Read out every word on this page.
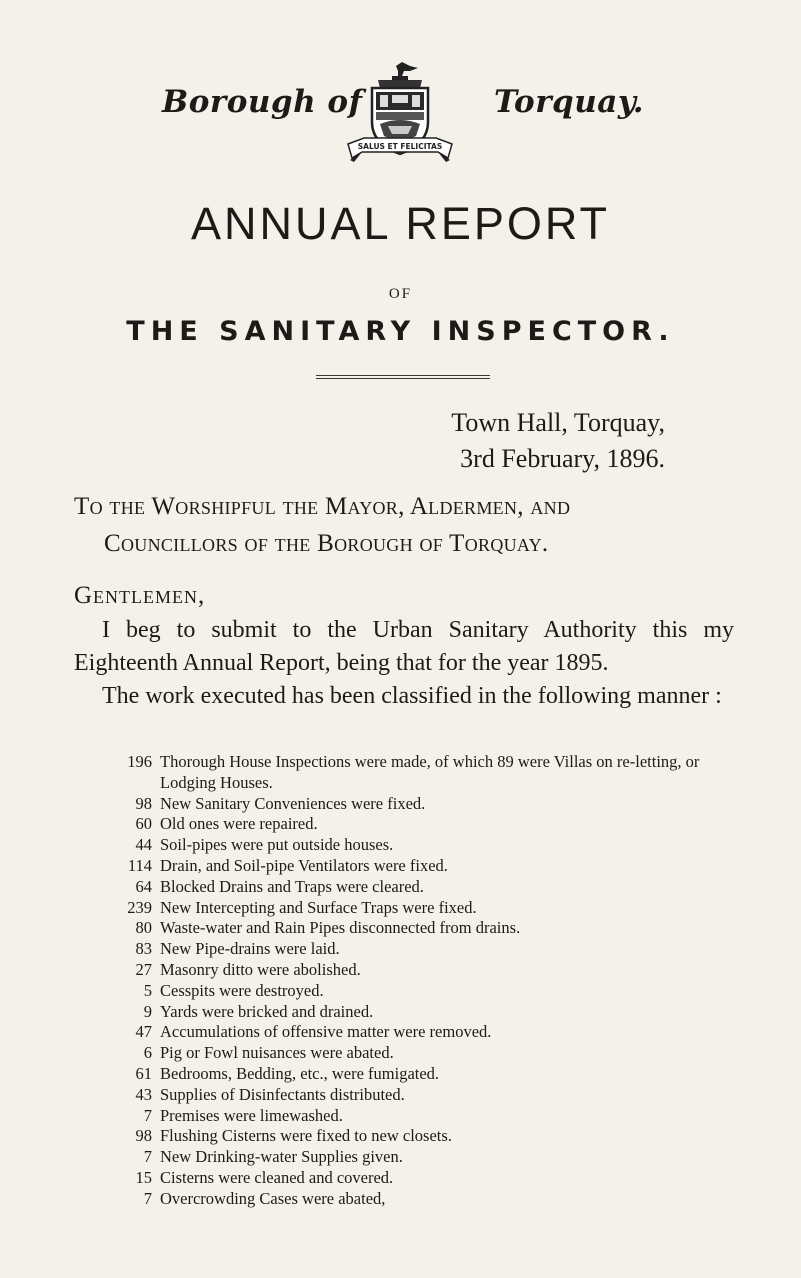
Borough of
SALUS ET FELICITAS
Torquay.
ANNUAL REPORT
OF
THE SANITARY INSPECTOR.
Town Hall, Torquay,
3rd February, 1896.
To the Worshipful the Mayor, Aldermen, and
Councillors of the Borough of Torquay.
Gentlemen,
I beg to submit to the Urban Sanitary Authority this my Eighteenth Annual Report, being that for the year 1895.
The work executed has been classified in the following manner :
196 Thorough House Inspections were made, of which 89 were Villas on re-letting, or Lodging Houses.
98 New Sanitary Conveniences were fixed.
60 Old ones were repaired.
44 Soil-pipes were put outside houses.
114 Drain, and Soil-pipe Ventilators were fixed.
64 Blocked Drains and Traps were cleared.
239 New Intercepting and Surface Traps were fixed.
80 Waste-water and Rain Pipes disconnected from drains.
83 New Pipe-drains were laid.
27 Masonry ditto were abolished.
5 Cesspits were destroyed.
9 Yards were bricked and drained.
47 Accumulations of offensive matter were removed.
6 Pig or Fowl nuisances were abated.
61 Bedrooms, Bedding, etc., were fumigated.
43 Supplies of Disinfectants distributed.
7 Premises were limewashed.
98 Flushing Cisterns were fixed to new closets.
7 New Drinking-water Supplies given.
15 Cisterns were cleaned and covered.
7 Overcrowding Cases were abated,
